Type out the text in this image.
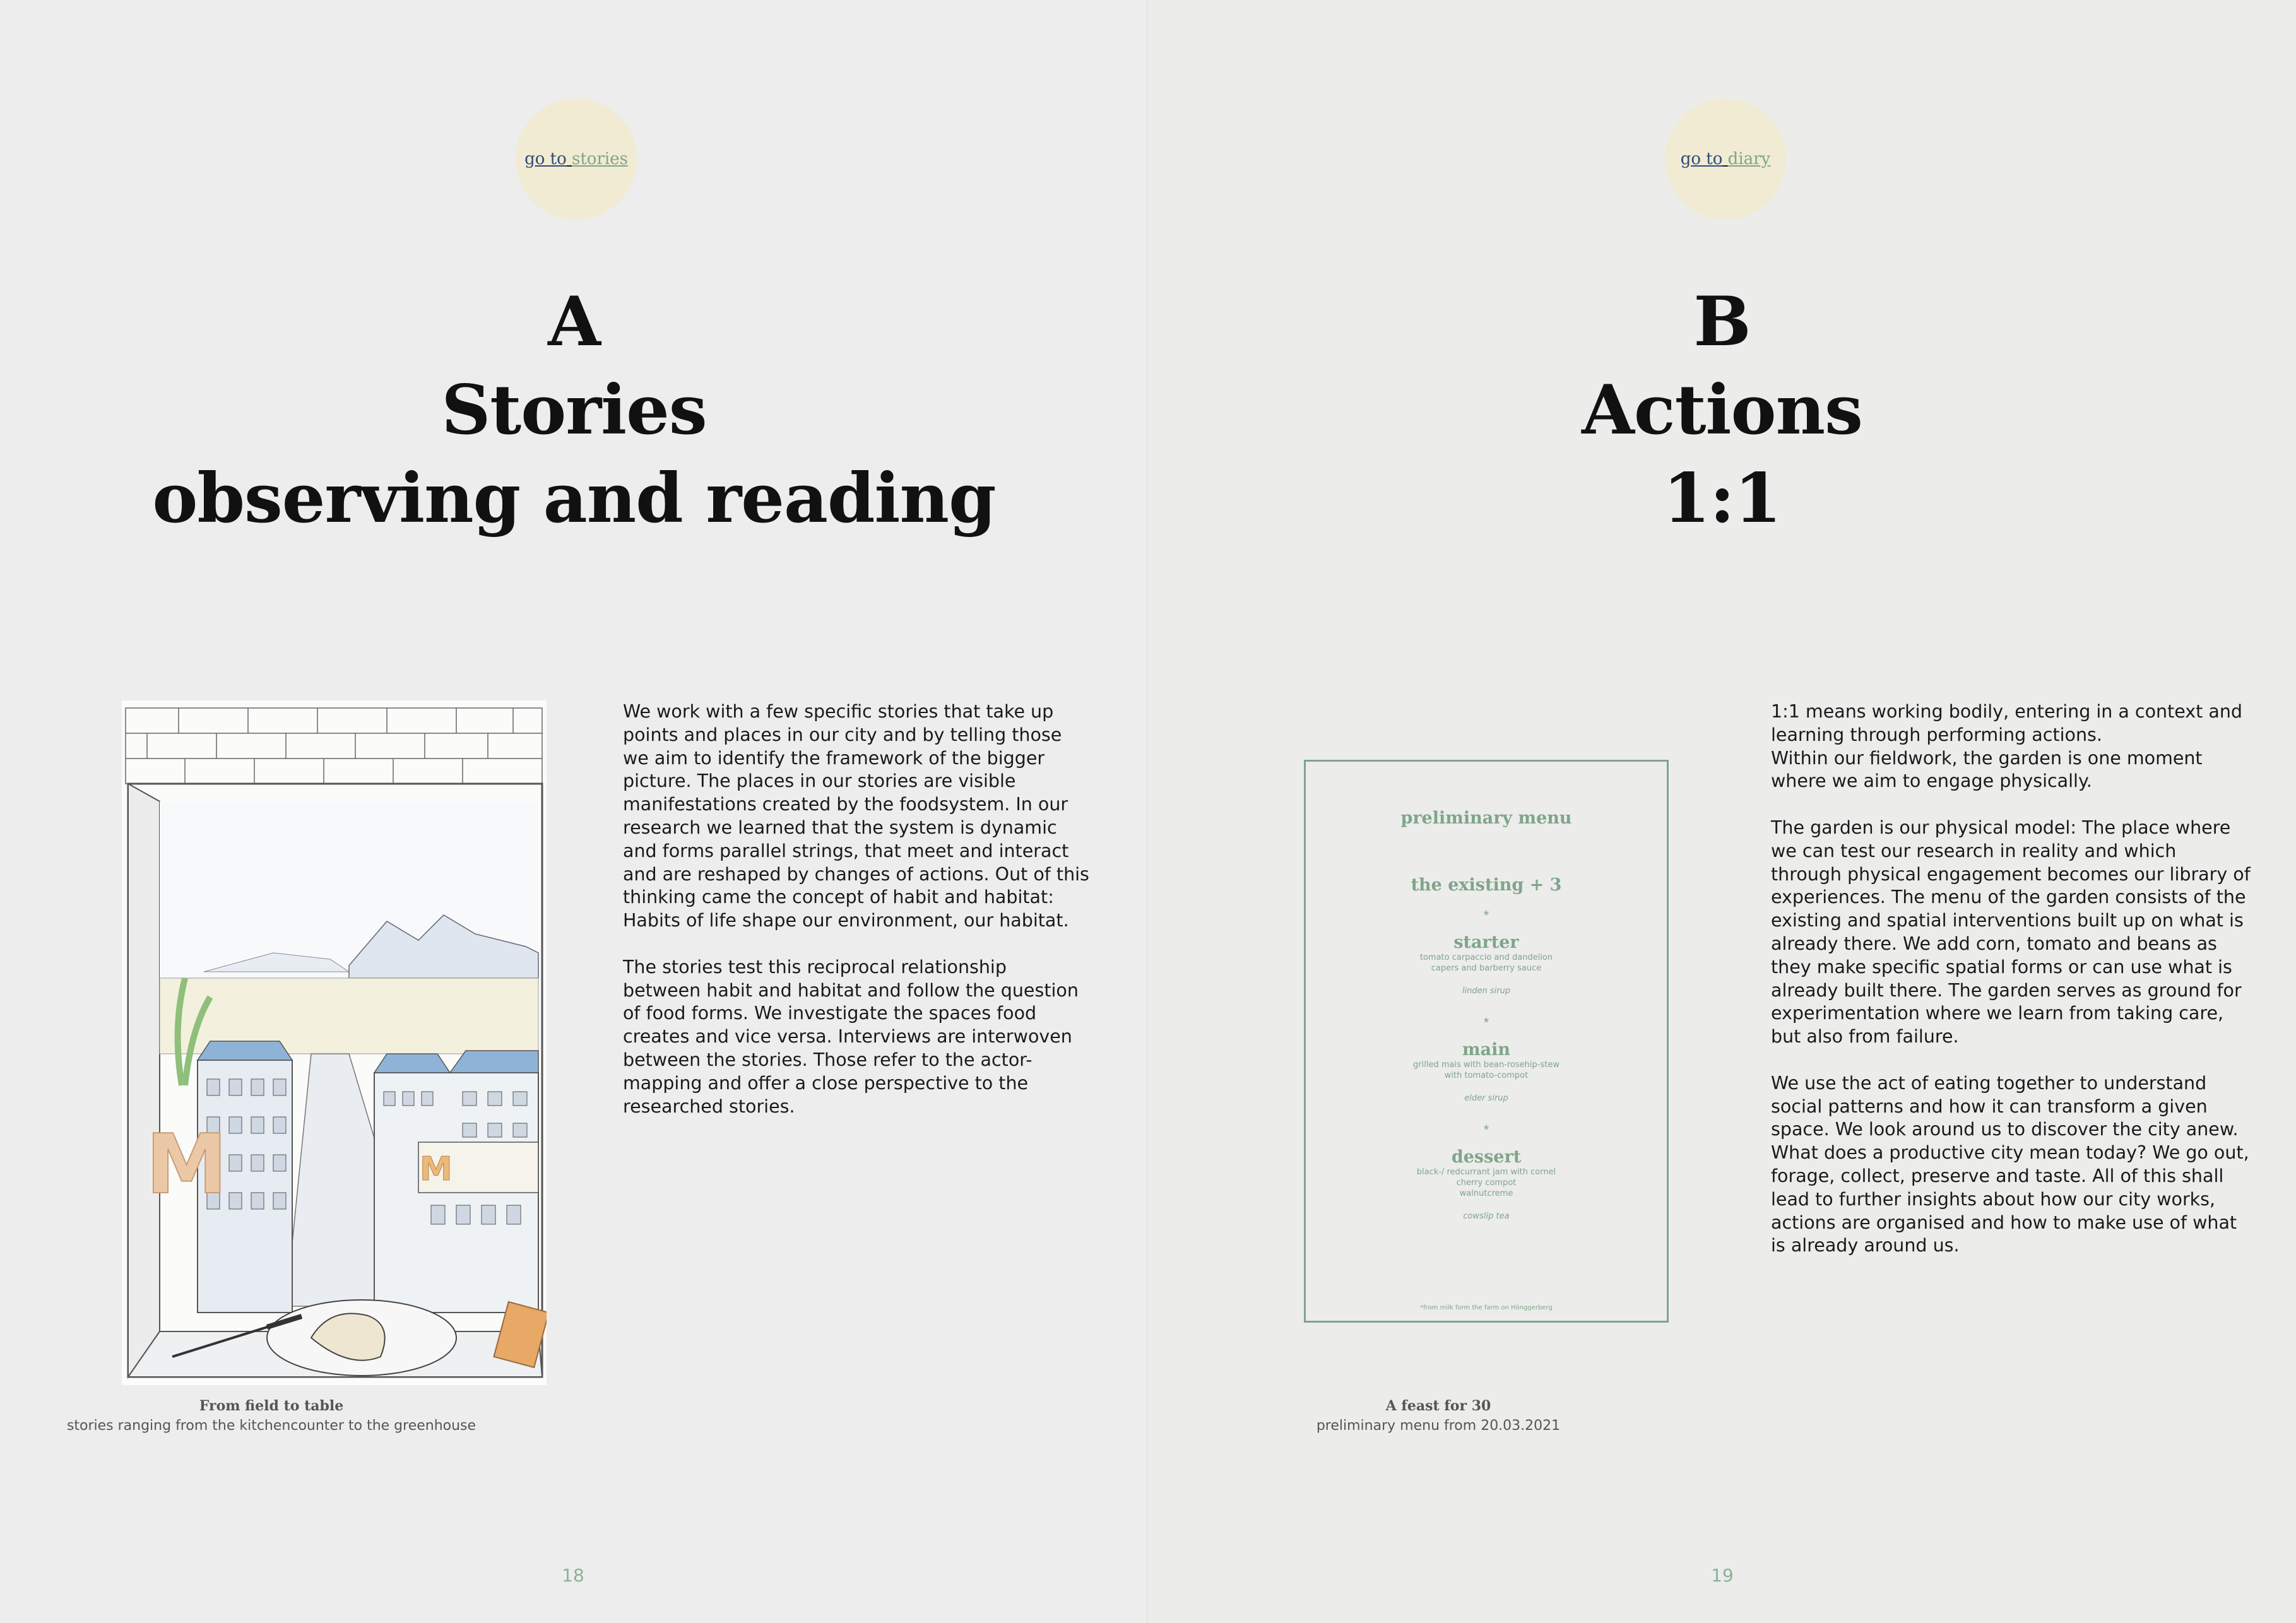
go to stories
A
Stories
observing and reading
M	M

We work with a few specific stories that take up points and places in our city and by telling those we aim to identify the framework of the bigger picture. The places in our stories are visible manifestations created by the foodsystem. In our research we learned that the system is dynamic and forms parallel strings, that meet and interact and are reshaped by changes of actions. Out of this thinking came the concept of habit and habitat: Habits of life shape our environment, our habitat.

The stories test this reciprocal relationship between habit and habitat and follow the question of food forms. We investigate the spaces food creates and vice versa. Interviews are interwoven between the stories. Those refer to the actor-mapping and offer a close perspective to the researched stories.

From field to table
stories ranging from the kitchencounter to the greenhouse
18
go to diary
B
Actions
1:1

1:1 means working bodily, entering in a context and learning through performing actions.
Within our fieldwork, the garden is one moment where we aim to engage physically.

The garden is our physical model: The place where we can test our research in reality and which through physical engagement becomes our library of experiences. The menu of the garden consists of the existing and spatial interventions built up on what is already there. We add corn, tomato and beans as they make specific spatial forms or can use what is already built there. The garden serves as ground for experimentation where we learn from taking care, but also from failure.

We use the act of eating together to understand social patterns and how it can transform a given space. We look around us to discover the city anew. What does a productive city mean today? We go out, forage, collect, preserve and taste. All of this shall lead to further insights about how our city works, actions are organised and how to make use of what is already around us.

A feast for 30
preliminary menu from 20.03.2021
19
preliminary menu
the existing + 3
*
starter
tomato carpaccio and dandelion
capers and barberry sauce
linden sirup
*
main
grilled mais with bean-rosehip-stew
with tomato-compot
elder sirup
*
dessert
black-/ redcurrant jam with cornel
cherry compot
walnutcreme
cowslip tea
*from milk form the farm on Hönggerberg
